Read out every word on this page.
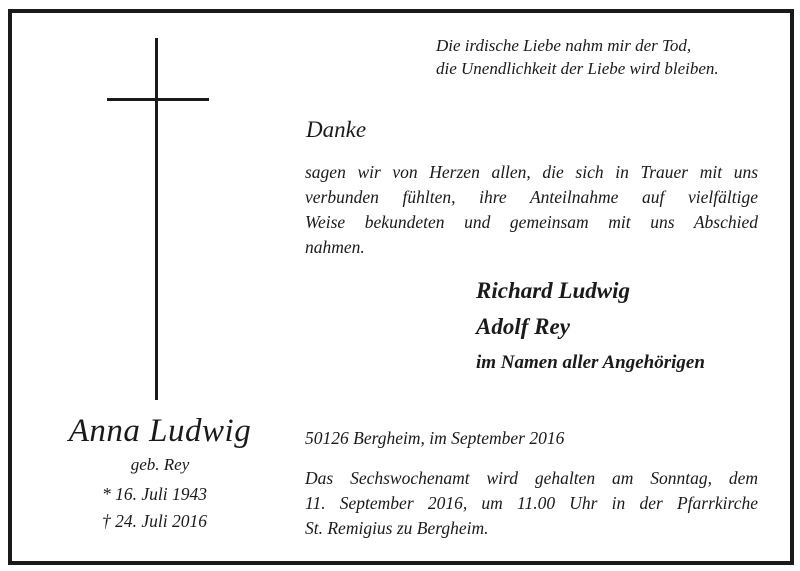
Die irdische Liebe nahm mir der Tod,
die Unendlichkeit der Liebe wird bleiben.
Danke
sagen wir von Herzen allen, die sich in Trauer mit uns
verbunden fühlten, ihre Anteilnahme auf vielfältige
Weise bekundeten und gemeinsam mit uns Abschied
nahmen.
Richard Ludwig
Adolf Rey
im Namen aller Angehörigen
Anna Ludwig
geb. Rey
* 16. Juli 1943
† 24. Juli 2016
50126 Bergheim, im September 2016
Das Sechswochenamt wird gehalten am Sonntag, dem
11. September 2016, um 11.00 Uhr in der Pfarrkirche
St. Remigius zu Bergheim.
